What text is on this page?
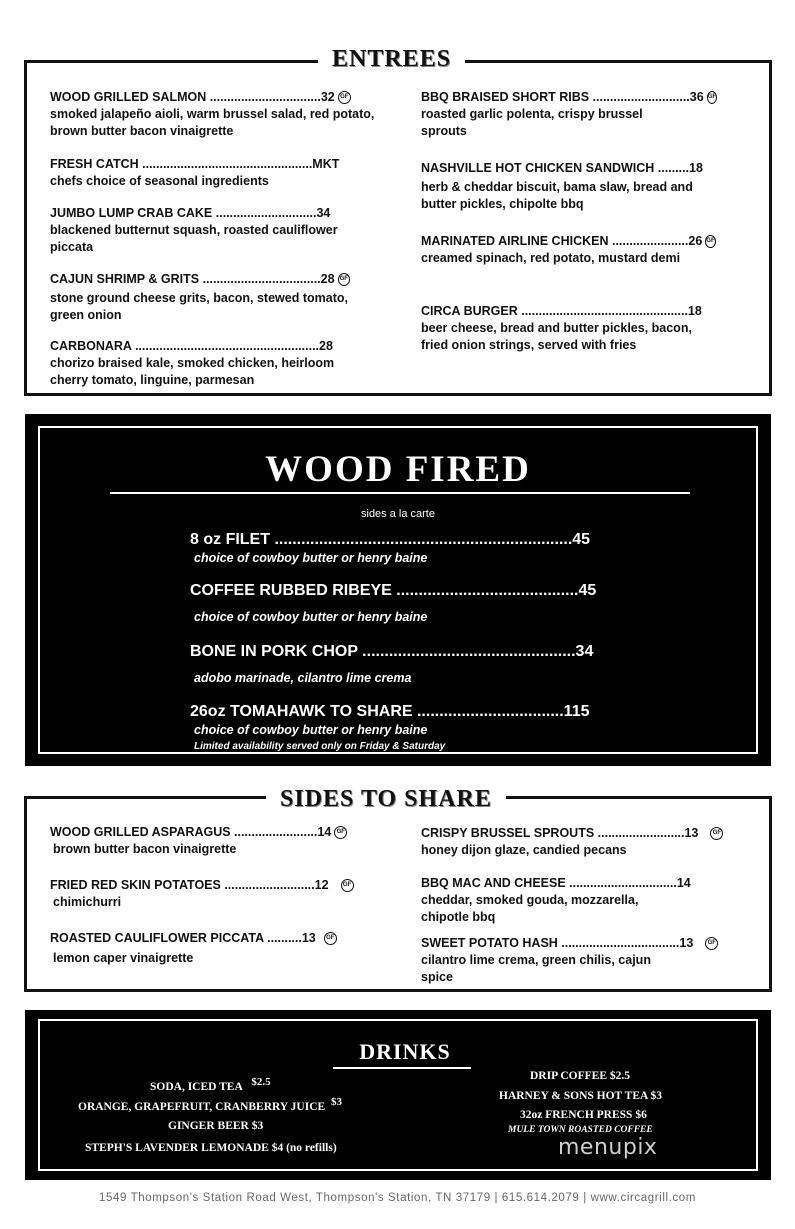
ENTREES
WOOD GRILLED SALMON ................................32 GF
smoked jalapeño aioli, warm brussel salad, red potato, brown butter bacon vinaigrette
FRESH CATCH .................................................MKT
chefs choice of seasonal ingredients
JUMBO LUMP CRAB CAKE .............................34
blackened butternut squash, roasted cauliflower piccata
CAJUN SHRIMP & GRITS ..................................28 GF
stone ground cheese grits, bacon, stewed tomato, green onion
CARBONARA .....................................................28
chorizo braised kale, smoked chicken, heirloom cherry tomato, linguine, parmesan
BBQ BRAISED SHORT RIBS ............................36 GF
roasted garlic polenta, crispy brussel sprouts
NASHVILLE HOT CHICKEN SANDWICH .........18
herb & cheddar biscuit, bama slaw, bread and butter pickles, chipolte bbq
MARINATED AIRLINE CHICKEN ......................26 GF
creamed spinach, red potato, mustard demi
CIRCA BURGER ................................................18
beer cheese, bread and butter pickles, bacon, fried onion strings, served with fries
WOOD FIRED
sides a la carte
8 oz FILET ...................................................................45
choice of cowboy butter or henry baine
COFFEE RUBBED RIBEYE .........................................45
choice of cowboy butter or henry baine
BONE IN PORK CHOP ................................................34
adobo marinade, cilantro lime crema
26oz TOMAHAWK TO SHARE .................................115
choice of cowboy butter or henry baine
Limited availability served only on Friday & Saturday
SIDES TO SHARE
WOOD GRILLED ASPARAGUS ........................14 GF
brown butter bacon vinaigrette
FRIED RED SKIN POTATOES ..........................12	GF
chimichurri
ROASTED CAULIFLOWER PICCATA ..........13	GF
lemon caper vinaigrette
CRISPY BRUSSEL SPROUTS .........................13	GF
honey dijon glaze, candied pecans
BBQ MAC AND CHEESE ...............................14
cheddar, smoked gouda, mozzarella, chipotle bbq
SWEET POTATO HASH ..................................13	GF
cilantro lime crema, green chilis, cajun spice
DRINKS
SODA, ICED TEA $^{\$2.5}$
ORANGE, GRAPEFRUIT, CRANBERRY JUICE $^{\$3}$
GINGER BEER $3
STEPH'S LAVENDER LEMONADE $4 (no refills)
DRIP COFFEE $2.5
HARNEY & SONS HOT TEA $3
32oz FRENCH PRESS $6
MULE TOWN ROASTED COFFEE
menupix
1549 Thompson's Station Road West, Thompson's Station, TN 37179 | 615.614.2079 | www.circagrill.com
